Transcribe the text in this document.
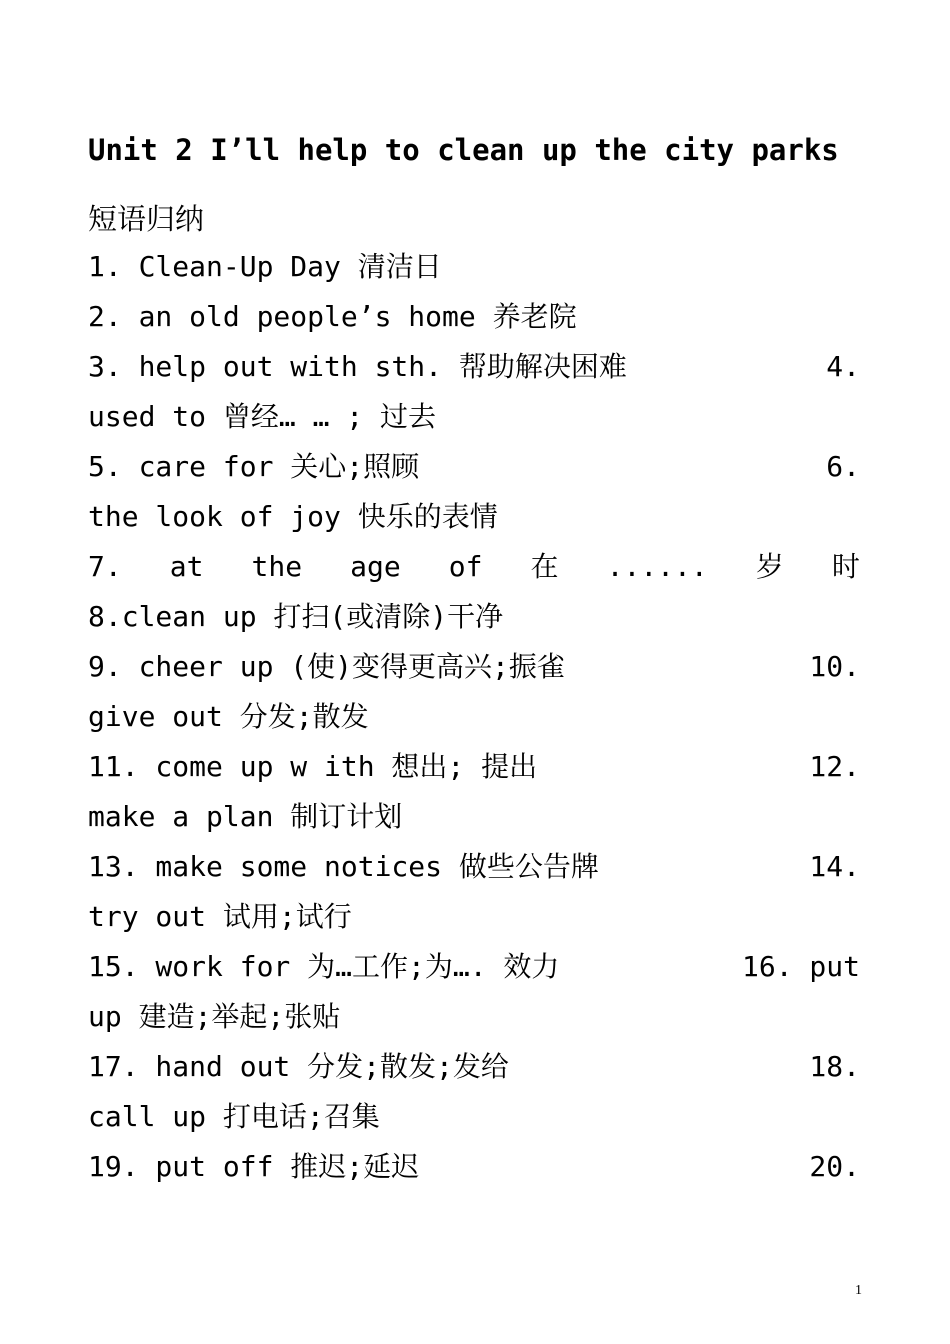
Unit 2 I’ll help to clean up the city parks
短语归纳
1. Clean-Up Day 清洁日
2. an old people’s home 养老院
3. help out with sth. 帮助解决困难	4.
used to 曾经… … ; 过去
5. care for 关心;照顾	6.
the look of joy 快乐的表情
7. at the age of 在 ...... 岁 时
8.clean up 打扫(或清除)干净
9. cheer up (使)变得更高兴;振雀	10.
give out 分发;散发
11. come up w ith 想出; 提出	12.
make a plan 制订计划
13. make some notices 做些公告牌	14.
try out 试用;试行
15. work for 为…工作;为…. 效力	16. put
up 建造;举起;张贴
17. hand out 分发;散发;发给	18.
call up 打电话;召集
19. put off 推迟;延迟	20.
1
